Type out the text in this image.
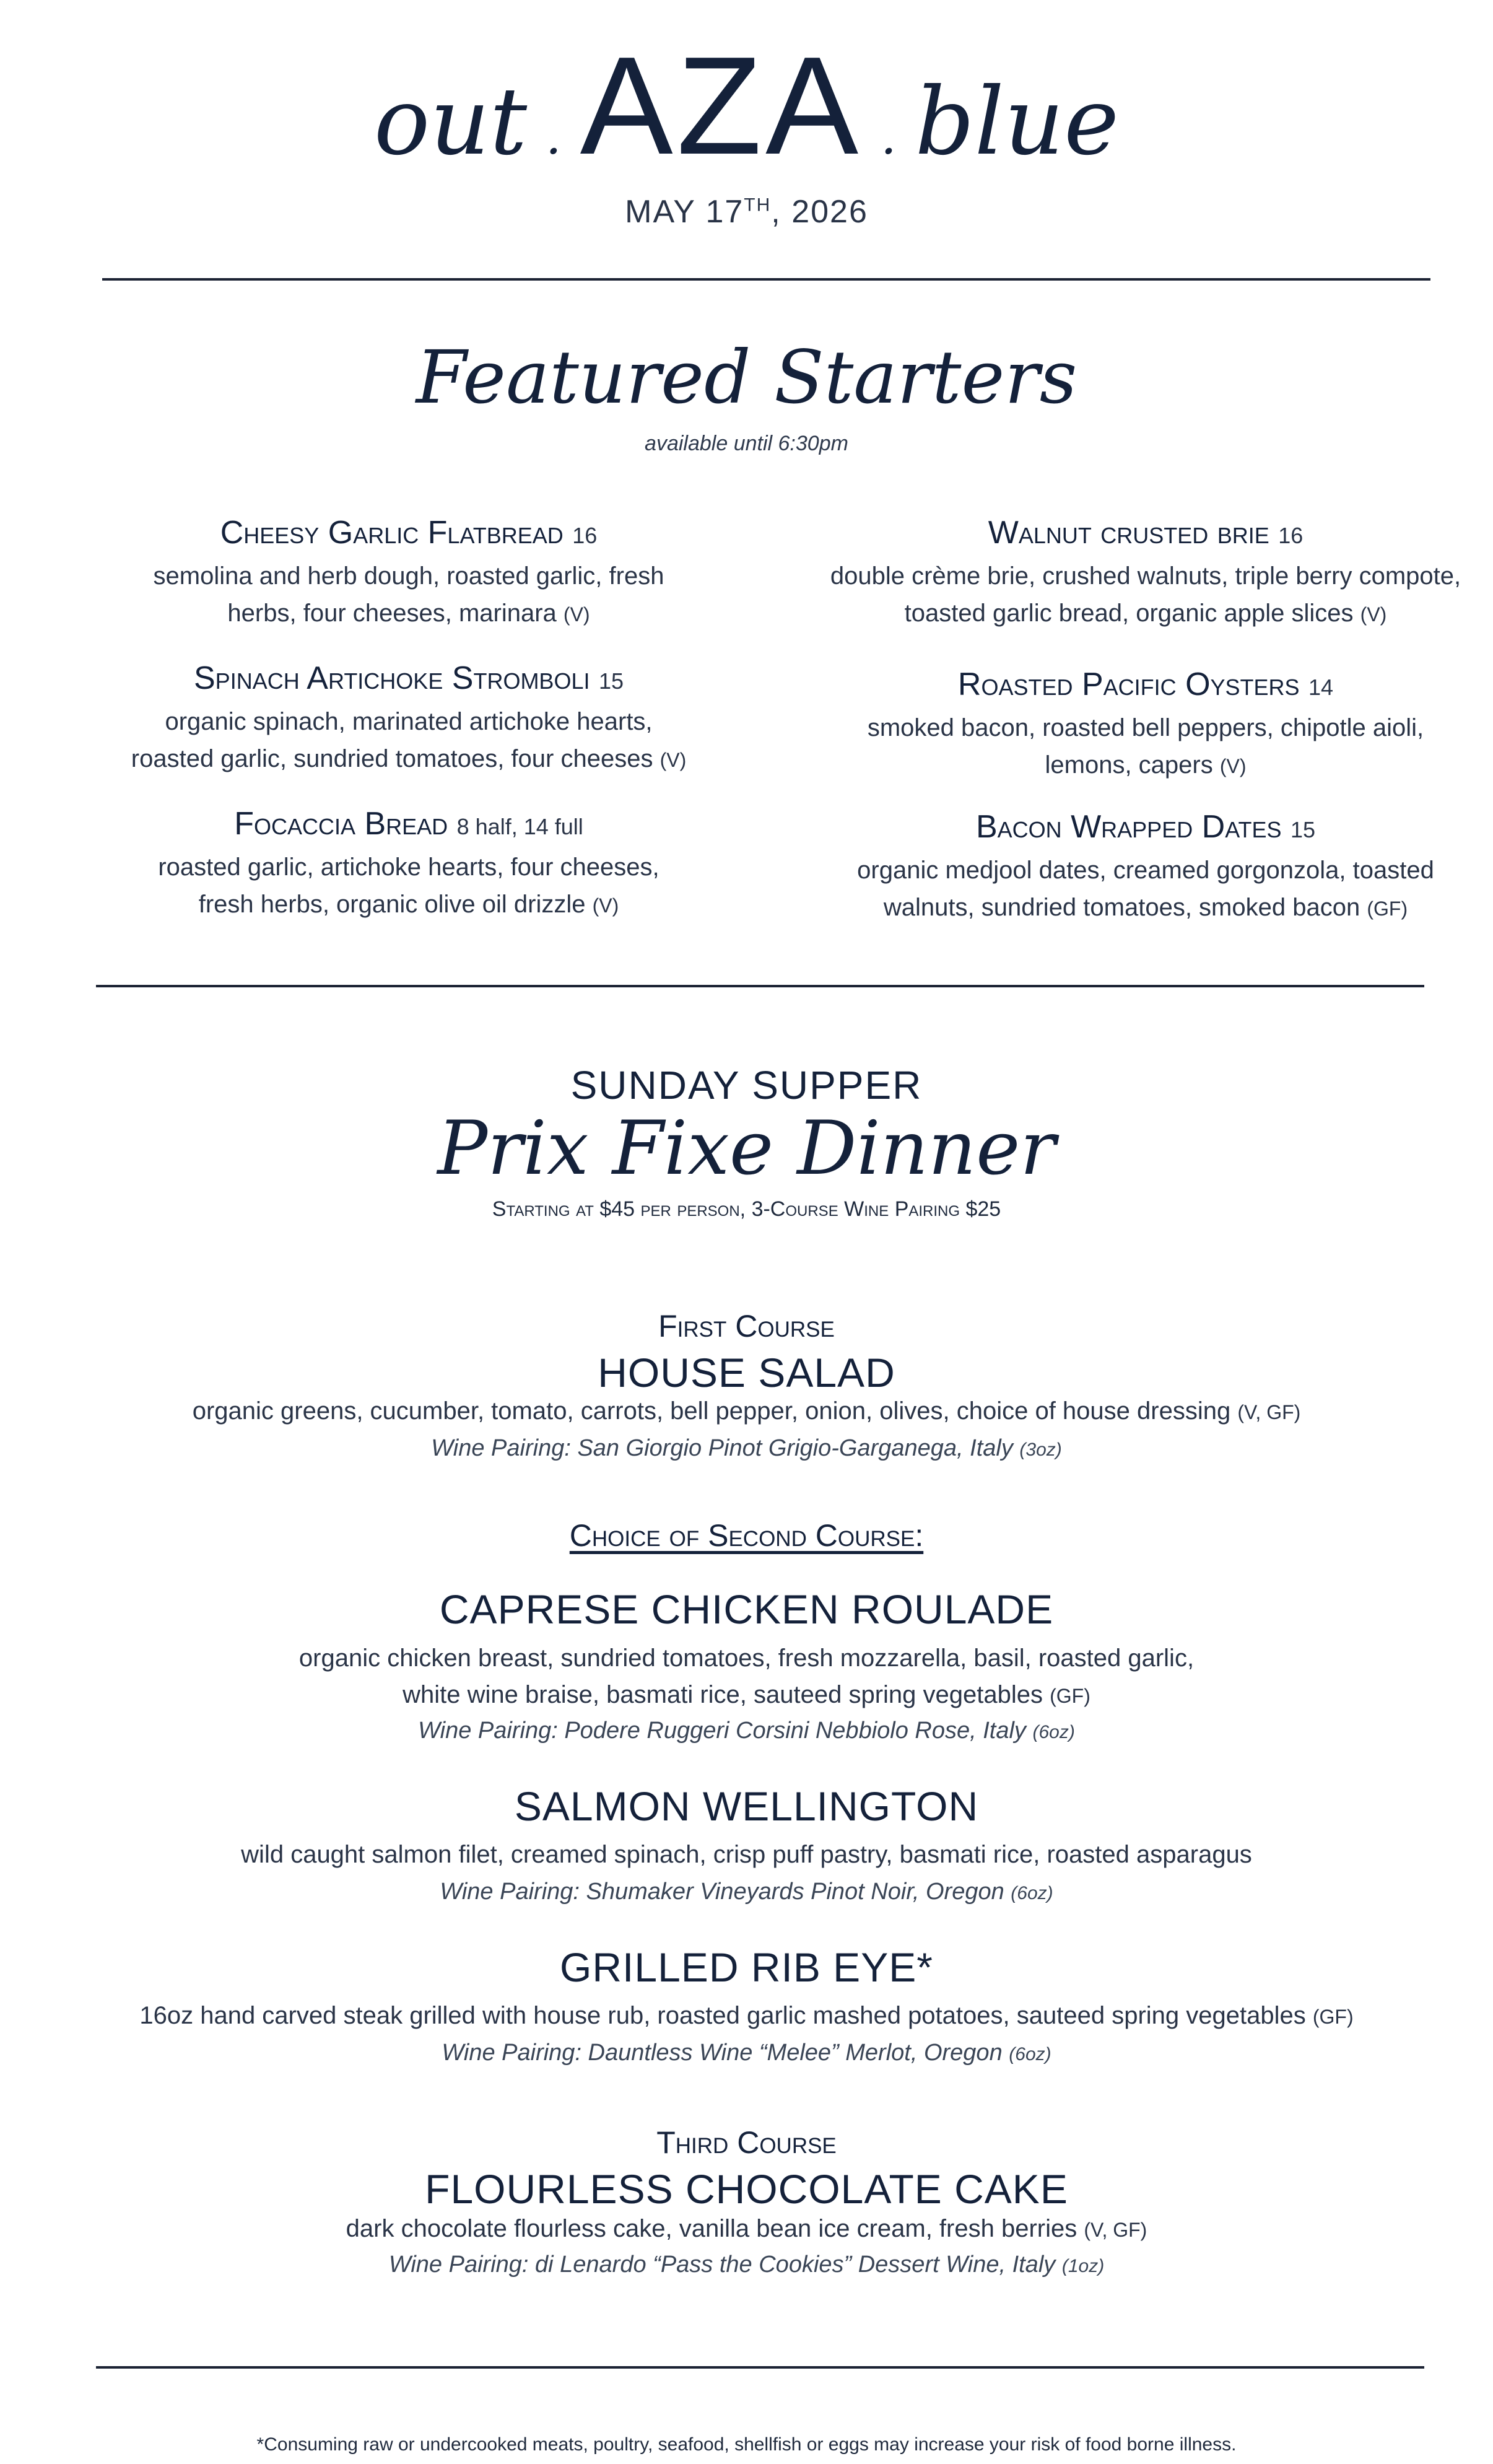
out . AZA . blue
MAY 17TH, 2026
Featured Starters
available until 6:30pm

Cheesy Garlic Flatbread 16

semolina and herb dough, roasted garlic, fresh

herbs, four cheeses, marinara (V)

Spinach Artichoke Stromboli 15

organic spinach, marinated artichoke hearts,

roasted garlic, sundried tomatoes, four cheeses (V)

Focaccia Bread 8 half, 14 full

roasted garlic, artichoke hearts, four cheeses,

fresh herbs, organic olive oil drizzle (V)

Walnut crusted brie 16

double crème brie, crushed walnuts, triple berry compote,

toasted garlic bread, organic apple slices (V)

Roasted Pacific Oysters 14

smoked bacon, roasted bell peppers, chipotle aioli,

lemons, capers (V)

Bacon Wrapped Dates 15

organic medjool dates, creamed gorgonzola, toasted

walnuts, sundried tomatoes, smoked bacon (GF)

SUNDAY SUPPER
Prix Fixe Dinner
Starting at $45 per person, 3-Course Wine Pairing $25
First Course
HOUSE SALAD
organic greens, cucumber, tomato, carrots, bell pepper, onion, olives, choice of house dressing (V, GF)
Wine Pairing: San Giorgio Pinot Grigio-Garganega, Italy (3oz)
Choice of Second Course:
CAPRESE CHICKEN ROULADE
organic chicken breast, sundried tomatoes, fresh mozzarella, basil, roasted garlic,
white wine braise, basmati rice, sauteed spring vegetables (GF)
Wine Pairing: Podere Ruggeri Corsini Nebbiolo Rose, Italy (6oz)
SALMON WELLINGTON
wild caught salmon filet, creamed spinach, crisp puff pastry, basmati rice, roasted asparagus
Wine Pairing: Shumaker Vineyards Pinot Noir, Oregon (6oz)
GRILLED RIB EYE*
16oz hand carved steak grilled with house rub, roasted garlic mashed potatoes, sauteed spring vegetables (GF)
Wine Pairing: Dauntless Wine “Melee” Merlot, Oregon (6oz)
Third Course
FLOURLESS CHOCOLATE CAKE
dark chocolate flourless cake, vanilla bean ice cream, fresh berries (V, GF)
Wine Pairing: di Lenardo “Pass the Cookies” Dessert Wine, Italy (1oz)
*Consuming raw or undercooked meats, poultry, seafood, shellfish or eggs may increase your risk of food borne illness.
